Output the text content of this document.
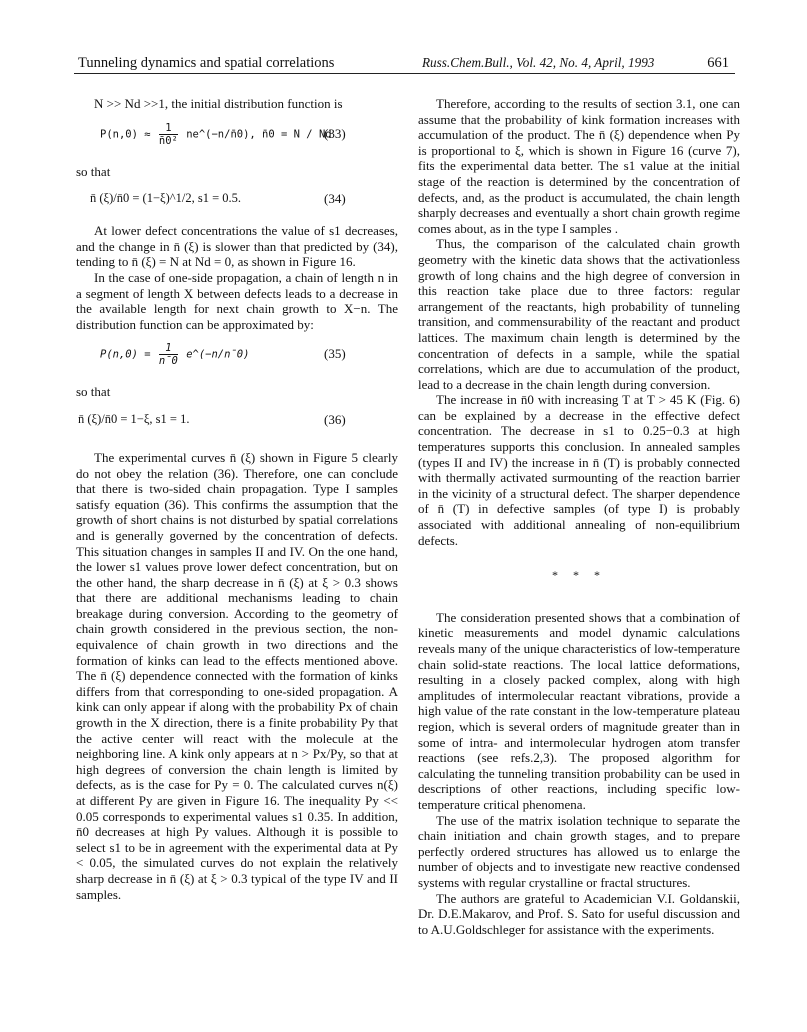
Tunneling dynamics and spatial correlations	Russ.Chem.Bull., Vol. 42, No. 4, April, 1993	661

N >> Nd >>1, the initial distribution function is

$P(n,0) \approx \frac{1}{\text{n̄0²}}$ ne^(−n/n̄0), n̄0 = N / Nd
(33)

so that

n̄ (ξ)/n̄0 = (1−ξ)^1/2, s1 = 0.5.	(34)

At lower defect concentrations the value of s1 decreases, and the change in n̄ (ξ) is slower than that predicted by (34), tending to n̄ (ξ) = N at Nd = 0, as shown in Figure 16.

In the case of one-side propagation, a chain of length n in a segment of length X between defects leads to a decrease in the available length for next chain growth to X−n. The distribution function can be approximated by:

$P(n,0) = \frac{1}{n̄0}$ e^(−n/n̄0)	(35)

so that

n̄ (ξ)/n̄0 = 1−ξ, s1 = 1.	(36)

The experimental curves n̄ (ξ) shown in Figure 5 clearly do not obey the relation (36). Therefore, one can conclude that there is two-sided chain propagation. Type I samples satisfy equation (36). This confirms the assumption that the growth of short chains is not disturbed by spatial correlations and is generally governed by the concentration of defects. This situation changes in samples II and IV. On the one hand, the lower s1 values prove lower defect concentration, but on the other hand, the sharp decrease in n̄ (ξ) at ξ > 0.3 shows that there are additional mechanisms leading to chain breakage during conversion. According to the geometry of chain growth considered in the previous section, the non-equivalence of chain growth in two directions and the formation of kinks can lead to the effects mentioned above. The n̄ (ξ) dependence connected with the formation of kinks differs from that corresponding to one-sided propagation. A kink can only appear if along with the probability Px of chain growth in the X direction, there is a finite probability Py that the active center will react with the molecule at the neighboring line. A kink only appears at n > Px/Py, so that at high degrees of conversion the chain length is limited by defects, as is the case for Py = 0. The calculated curves n(ξ) at different Py are given in Figure 16. The inequality Py << 0.05 corresponds to experimental values s1 0.35. In addition, n̄0 decreases at high Py values. Although it is possible to select s1 to be in agreement with the experimental data at Py < 0.05, the simulated curves do not explain the relatively sharp decrease in n̄ (ξ) at ξ > 0.3 typical of the type IV and II samples.

Therefore, according to the results of section 3.1, one can assume that the probability of kink formation increases with accumulation of the product. The n̄ (ξ) dependence when Py is proportional to ξ, which is shown in Figure 16 (curve 7), fits the experimental data better. The s1 value at the initial stage of the reaction is determined by the concentration of defects, and, as the product is accumulated, the chain length sharply decreases and eventually a short chain growth regime comes about, as in the type I samples .

Thus, the comparison of the calculated chain growth geometry with the kinetic data shows that the activationless growth of long chains and the high degree of conversion in this reaction take place due to three factors: regular arrangement of the reactants, high probability of tunneling transition, and commensurability of the reactant and product lattices. The maximum chain length is determined by the concentration of defects in a sample, while the spatial correlations, which are due to accumulation of the product, lead to a decrease in the chain length during conversion.

The increase in n̄0 with increasing T at T > 45 K (Fig. 6) can be explained by a decrease in the effective defect concentration. The decrease in s1 to 0.25−0.3 at high temperatures supports this conclusion. In annealed samples (types II and IV) the increase in n̄ (T) is probably connected with thermally activated surmounting of the reaction barrier in the vicinity of a structural defect. The sharper dependence of n̄ (T) in defective samples (of type I) is probably associated with additional annealing of non-equilibrium defects.

* * *

The consideration presented shows that a combination of kinetic measurements and model dynamic calculations reveals many of the unique characteristics of low-temperature chain solid-state reactions. The local lattice deformations, resulting in a closely packed complex, along with high amplitudes of intermolecular reactant vibrations, provide a high value of the rate constant in the low-temperature plateau region, which is several orders of magnitude greater than in some of intra- and intermolecular hydrogen atom transfer reactions (see refs.2,3). The proposed algorithm for calculating the tunneling transition probability can be used in descriptions of other reactions, including specific low-temperature critical phenomena.

The use of the matrix isolation technique to separate the chain initiation and chain growth stages, and to prepare perfectly ordered structures has allowed us to enlarge the number of objects and to investigate new reactive condensed systems with regular crystalline or fractal structures.

The authors are grateful to Academician V.I. Goldanskii, Dr. D.E.Makarov, and Prof. S. Sato for useful discussion and to A.U.Goldschleger for assistance with the experiments.
